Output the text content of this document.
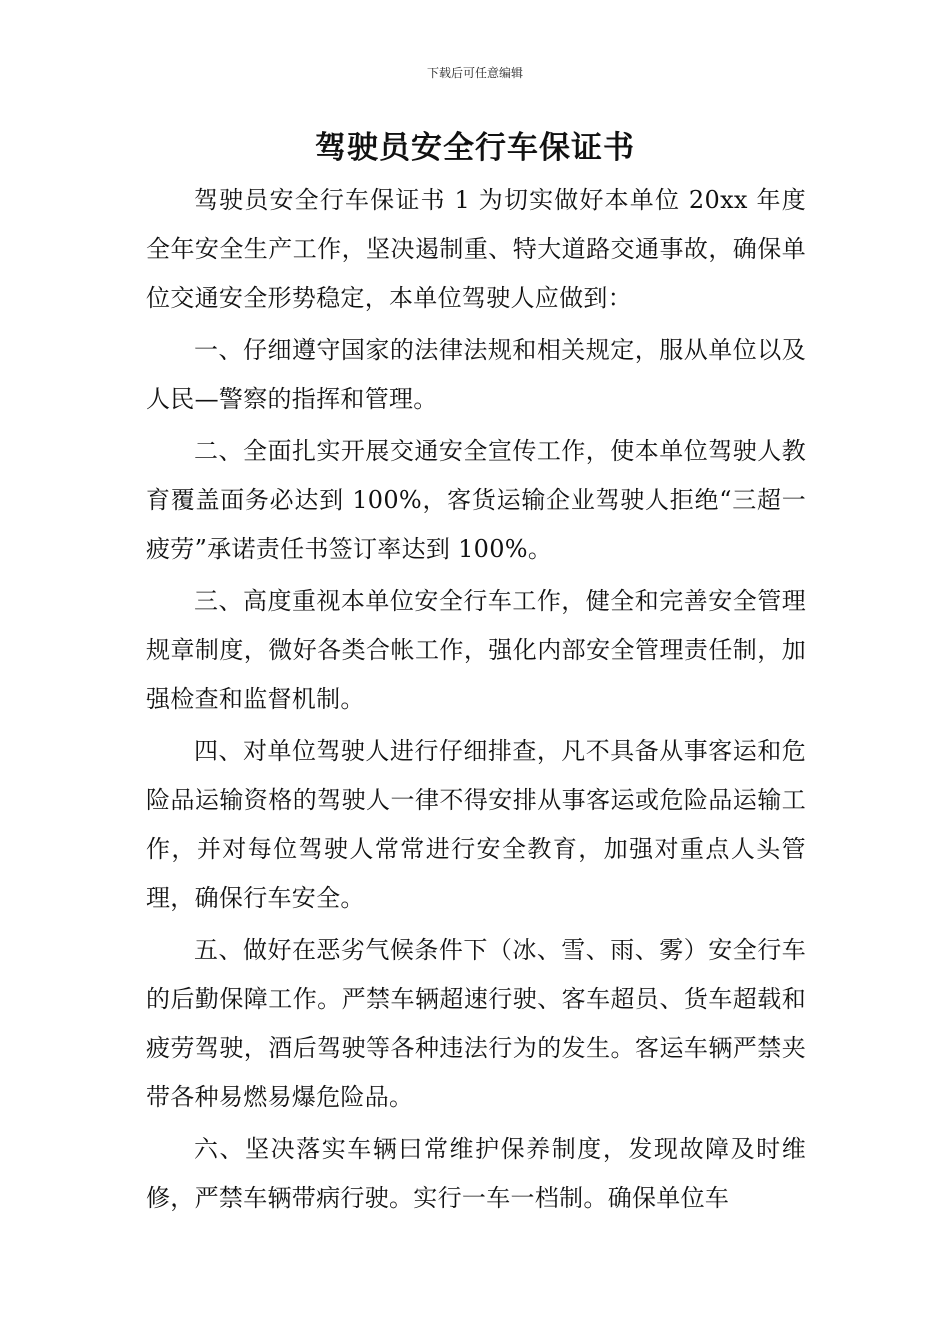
下载后可任意编辑
驾驶员安全行车保证书

驾驶员安全行车保证书 1 为切实做好本单位 20xx 年度全年安全生产工作，坚决遏制重、特大道路交通事故，确保单位交通安全形势稳定，本单位驾驶人应做到：

一、仔细遵守国家的法律法规和相关规定，服从单位以及人民—警察的指挥和管理。

二、全面扎实开展交通安全宣传工作，使本单位驾驶人教育覆盖面务必达到 100%，客货运输企业驾驶人拒绝“三超一疲劳”承诺责任书签订率达到 100%。

三、高度重视本单位安全行车工作，健全和完善安全管理规章制度，微好各类合帐工作，强化内部安全管理责任制，加强检查和监督机制。

四、对单位驾驶人进行仔细排查，凡不具备从事客运和危险品运输资格的驾驶人一律不得安排从事客运或危险品运输工作，并对每位驾驶人常常进行安全教育，加强对重点人头管理，确保行车安全。

五、做好在恶劣气候条件下（冰、雪、雨、雾）安全行车的后勤保障工作。严禁车辆超速行驶、客车超员、货车超载和疲劳驾驶，酒后驾驶等各种违法行为的发生。客运车辆严禁夹带各种易燃易爆危险品。

六、坚决落实车辆曰常维护保养制度，发现故障及时维修，严禁车辆带病行驶。实行一车一档制。确保单位车
